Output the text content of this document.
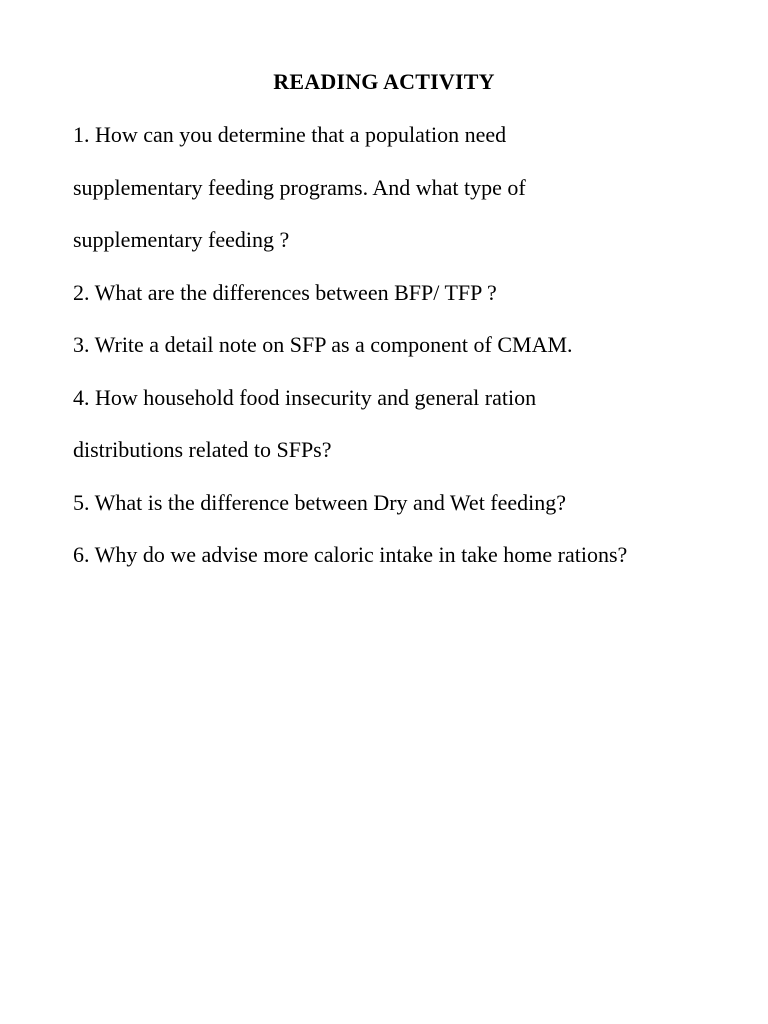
READING ACTIVITY

1. How can you determine that a population need

supplementary feeding programs. And what type of

supplementary feeding ?

2. What are the differences between BFP/ TFP ?

3. Write a detail note on SFP as a component of CMAM.

4. How household food insecurity and general ration

distributions related to SFPs?

5. What is the difference between Dry and Wet feeding?

6. Why do we advise more caloric intake in take home rations?
